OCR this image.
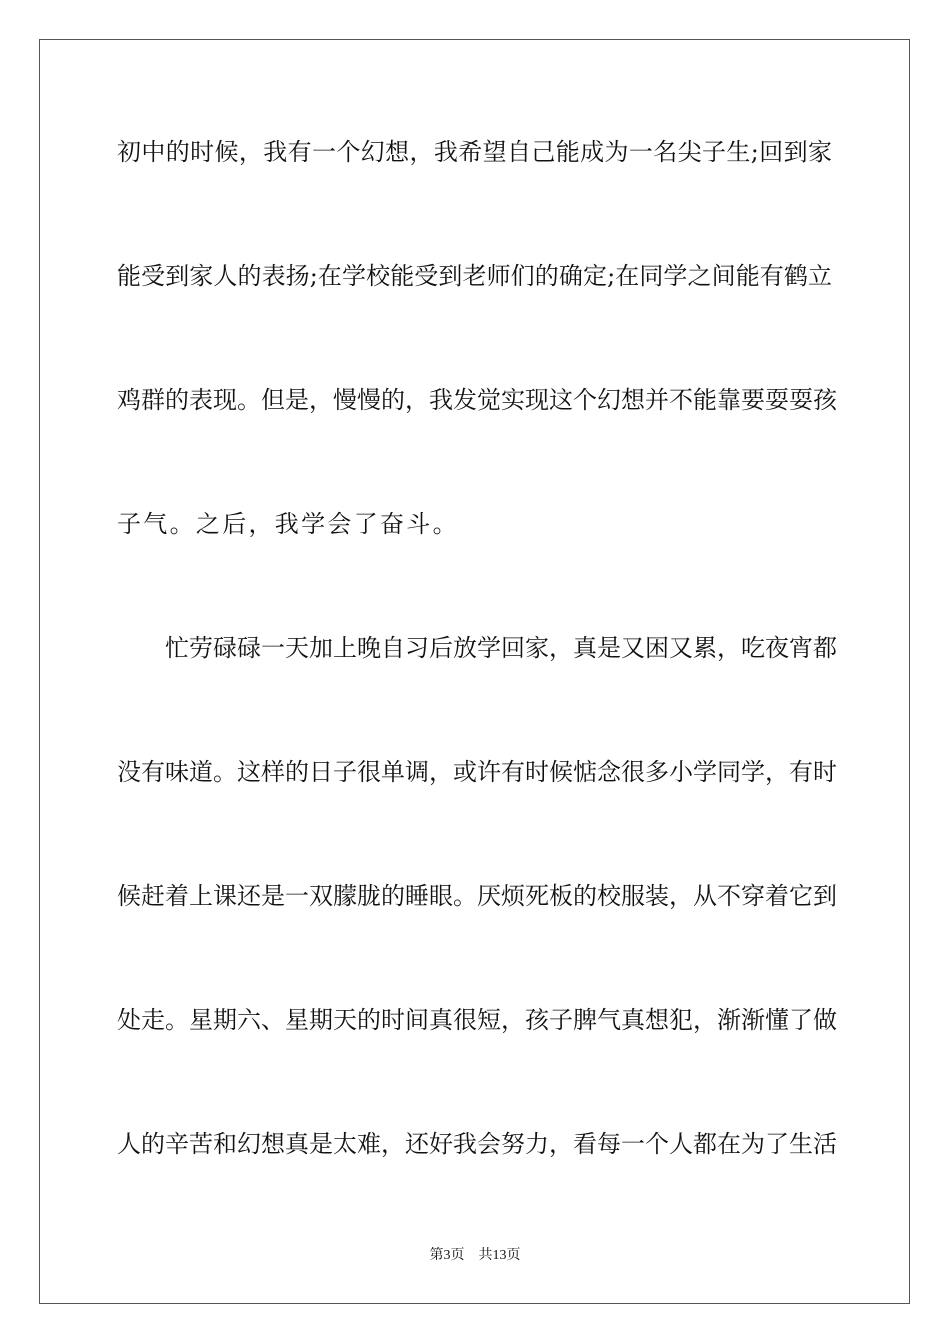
初中的时候，我有一个幻想，我希望自己能成为一名尖子生;回到家
能受到家人的表扬;在学校能受到老师们的确定;在同学之间能有鹤立
鸡群的表现。但是，慢慢的，我发觉实现这个幻想并不能靠要耍耍孩
子气。之后，我学会了奋斗。
　　忙劳碌碌一天加上晚自习后放学回家，真是又困又累，吃夜宵都
没有味道。这样的日子很单调，或许有时候惦念很多小学同学，有时
候赶着上课还是一双朦胧的睡眼。厌烦死板的校服装，从不穿着它到
处走。星期六、星期天的时间真很短，孩子脾气真想犯，渐渐懂了做
人的辛苦和幻想真是太难，还好我会努力，看每一个人都在为了生活
第3页　共13页
